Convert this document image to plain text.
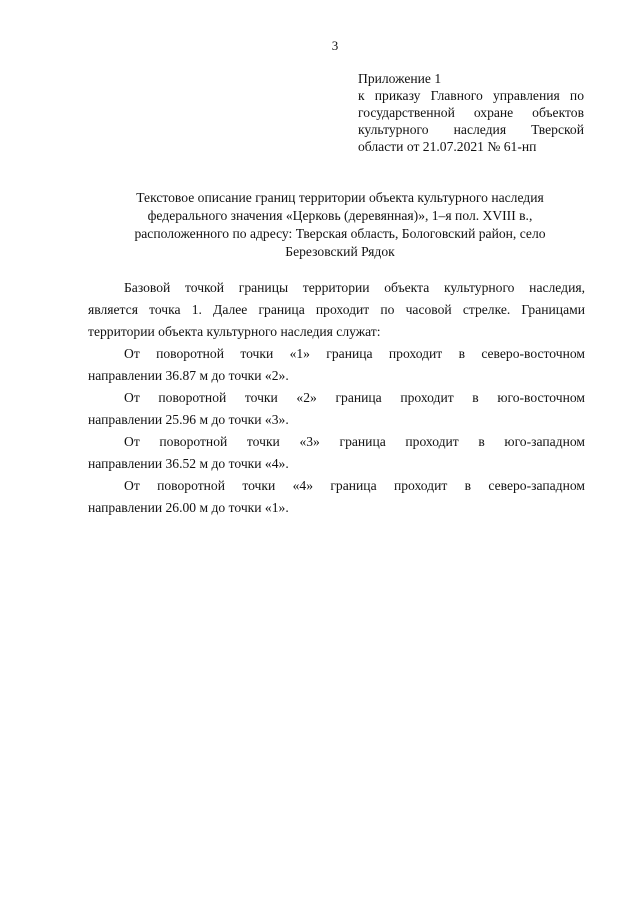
3
Приложение 1
к приказу Главного управления по
государственной охране объектов
культурного наследия Тверской
области от 21.07.2021 № 61-нп
Текстовое описание границ территории объекта культурного наследия
федерального значения «Церковь (деревянная)», 1–я пол. XVIII в.,
расположенного по адресу: Тверская область, Бологовский район, село
Березовский Рядок

Базовой точкой границы территории объекта культурного наследия,
является точка 1. Далее граница проходит по часовой стрелке. Границами
территории объекта культурного наследия служат:

От поворотной точки «1» граница проходит в северо-восточном
направлении 36.87 м до точки «2».

От поворотной точки «2» граница проходит в юго-восточном
направлении 25.96 м до точки «3».

От поворотной точки «3» граница проходит в юго-западном
направлении 36.52 м до точки «4».

От поворотной точки «4» граница проходит в северо-западном
направлении 26.00 м до точки «1».
